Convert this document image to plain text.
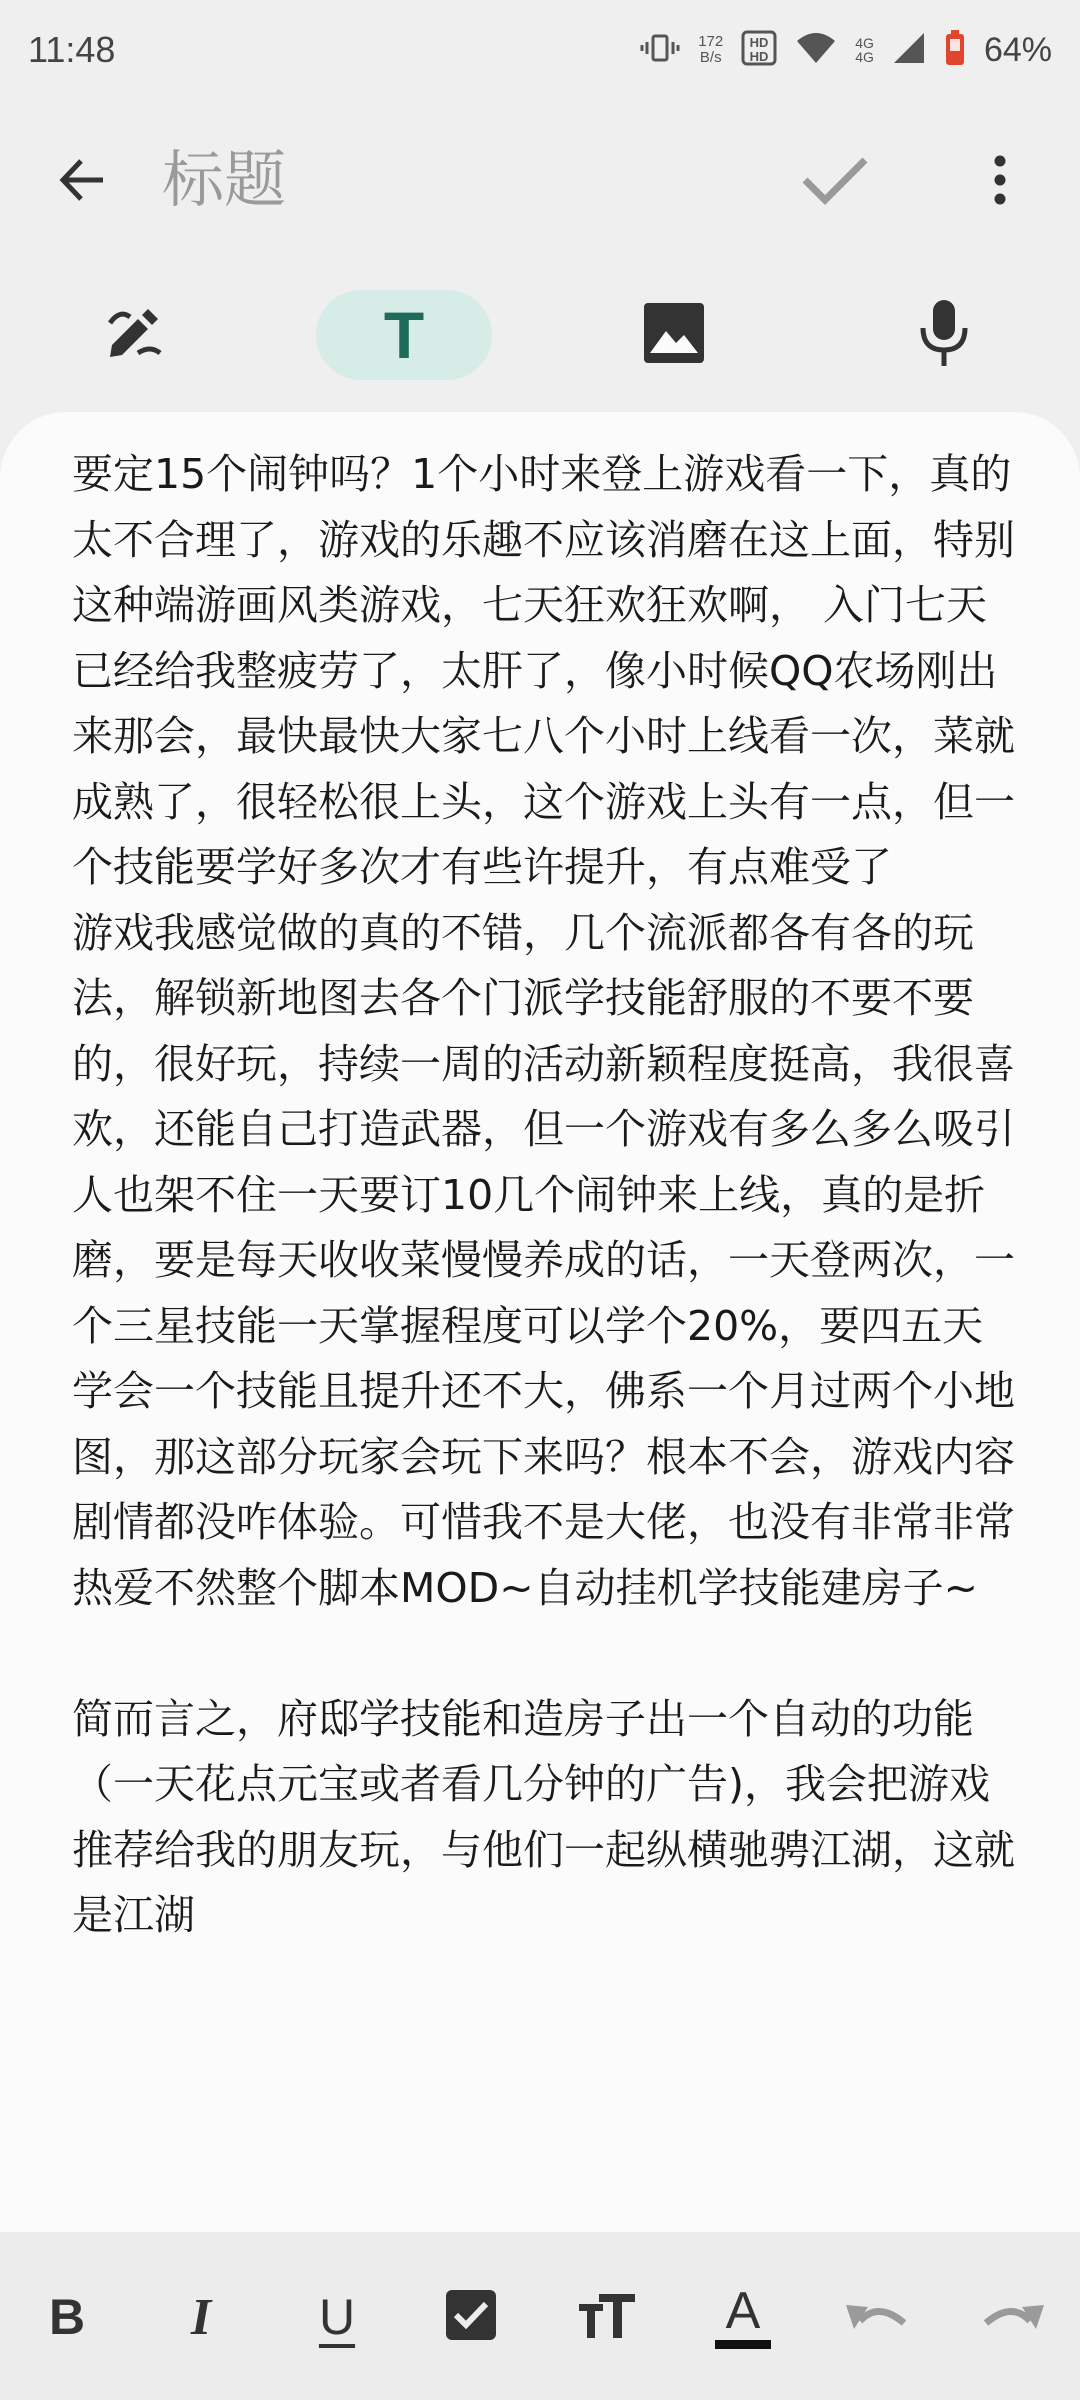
11:48	172
B/s
HD
HD
4G
4G	64%
标题
T

要定15个闹钟吗？1个小时来登上游戏看一下，真的太不合理了，游戏的乐趣不应该消磨在这上面，特别这种端游画风类游戏，七天狂欢狂欢啊， 入门七天已经给我整疲劳了，太肝了，像小时候QQ农场刚出来那会，最快最快大家七八个小时上线看一次，菜就成熟了，很轻松很上头，这个游戏上头有一点，但一个技能要学好多次才有些许提升，有点难受了
游戏我感觉做的真的不错，几个流派都各有各的玩法，解锁新地图去各个门派学技能舒服的不要不要的，很好玩，持续一周的活动新颖程度挺高，我很喜欢，还能自己打造武器，但一个游戏有多么多么吸引人也架不住一天要订10几个闹钟来上线，真的是折磨，要是每天收收菜慢慢养成的话，一天登两次，一个三星技能一天掌握程度可以学个20%，要四五天学会一个技能且提升还不大，佛系一个月过两个小地图，那这部分玩家会玩下来吗？根本不会，游戏内容剧情都没咋体验。可惜我不是大佬，也没有非常非常热爱不然整个脚本MOD~自动挂机学技能建房子~

简而言之，府邸学技能和造房子出一个自动的功能（一天花点元宝或者看几分钟的广告)，我会把游戏推荐给我的朋友玩，与他们一起纵横驰骋江湖，这就是江湖

B I U	A
